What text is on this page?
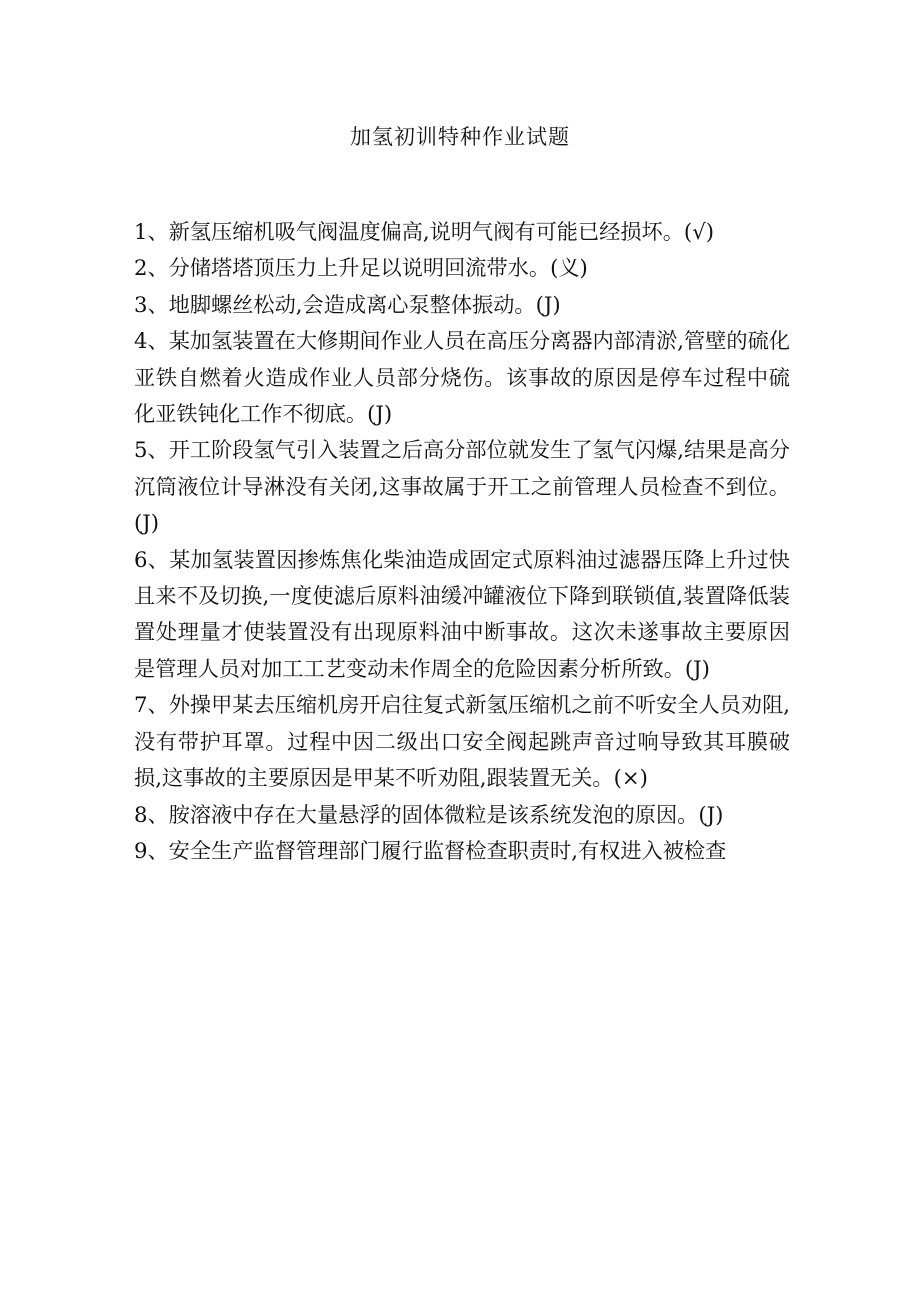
加氢初训特种作业试题

1、新氢压缩机吸气阀温度偏高,说明气阀有可能已经损坏。(√)

2、分储塔塔顶压力上升足以说明回流带水。(义)

3、地脚螺丝松动,会造成离心泵整体振动。(J)

4、某加氢装置在大修期间作业人员在高压分离器内部清淤,管壁的硫化亚铁自燃着火造成作业人员部分烧伤。该事故的原因是停车过程中硫化亚铁钝化工作不彻底。(J)

5、开工阶段氢气引入装置之后高分部位就发生了氢气闪爆,结果是高分沉筒液位计导淋没有关闭,这事故属于开工之前管理人员检查不到位。(J)

6、某加氢装置因掺炼焦化柴油造成固定式原料油过滤器压降上升过快且来不及切换,一度使滤后原料油缓冲罐液位下降到联锁值,装置降低装置处理量才使装置没有出现原料油中断事故。这次未遂事故主要原因是管理人员对加工工艺变动未作周全的危险因素分析所致。(J)

7、外操甲某去压缩机房开启往复式新氢压缩机之前不听安全人员劝阻,没有带护耳罩。过程中因二级出口安全阀起跳声音过响导致其耳膜破损,这事故的主要原因是甲某不听劝阻,跟装置无关。(×)

8、胺溶液中存在大量悬浮的固体微粒是该系统发泡的原因。(J)

9、安全生产监督管理部门履行监督检查职责时,有权进入被检查
